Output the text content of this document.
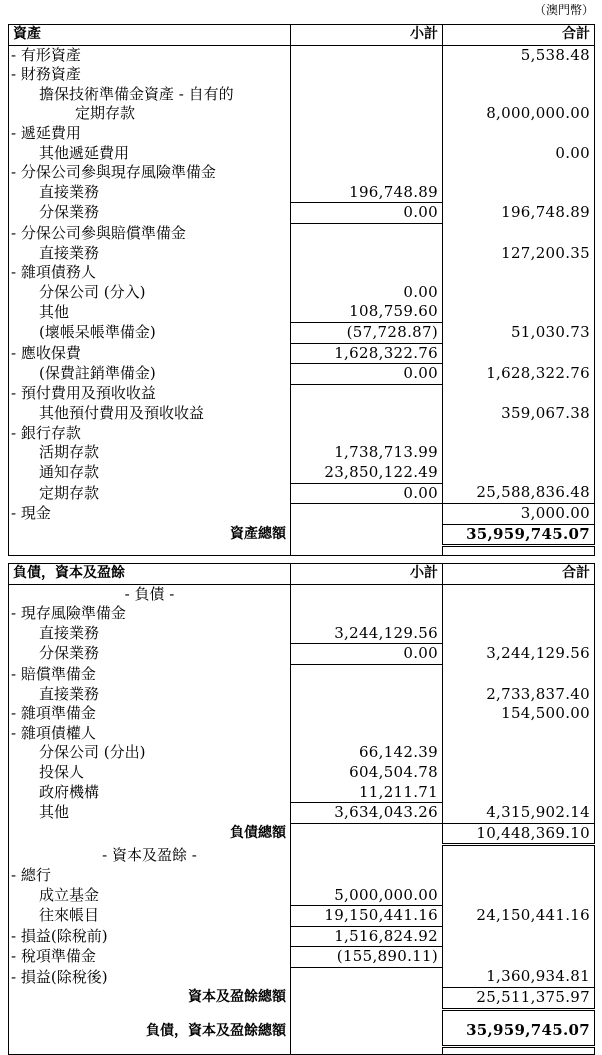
（澳門幣）
資產	小計	合計
- 有形資產		5,538.48
- 財務資產		
擔保技術準備金資產 - 自有的		
定期存款		8,000,000.00
- 遞延費用		
其他遞延費用		0.00
- 分保公司參與現存風險準備金		
直接業務	196,748.89	
分保業務	0.00	196,748.89
- 分保公司參與賠償準備金		
直接業務		127,200.35
- 雜項債務人		
分保公司 (分入)	0.00	
其他	108,759.60	
(壞帳呆帳準備金)	(57,728.87)	51,030.73
- 應收保費	1,628,322.76	
(保費註銷準備金)	0.00	1,628,322.76
- 預付費用及預收收益		
其他預付費用及預收收益		359,067.38
- 銀行存款		
活期存款	1,738,713.99	
通知存款	23,850,122.49	
定期存款	0.00	25,588,836.48
- 現金		3,000.00
資產總額		35,959,745.07

負債，資本及盈餘	小計	合計
- 負債 -		
- 現存風險準備金		
直接業務	3,244,129.56	
分保業務	0.00	3,244,129.56
- 賠償準備金		
直接業務		2,733,837.40
- 雜項準備金		154,500.00
- 雜項債權人		
分保公司 (分出)	66,142.39	
投保人	604,504.78	
政府機構	11,211.71	
其他	3,634,043.26	4,315,902.14
負債總額		10,448,369.10
- 資本及盈餘 -		
- 總行		
成立基金	5,000,000.00	
往來帳目	19,150,441.16	24,150,441.16
- 損益(除稅前)	1,516,824.92	
- 稅項準備金	(155,890.11)	
- 損益(除稅後)		1,360,934.81
資本及盈餘總額		25,511,375.97
負債，資本及盈餘總額		35,959,745.07
